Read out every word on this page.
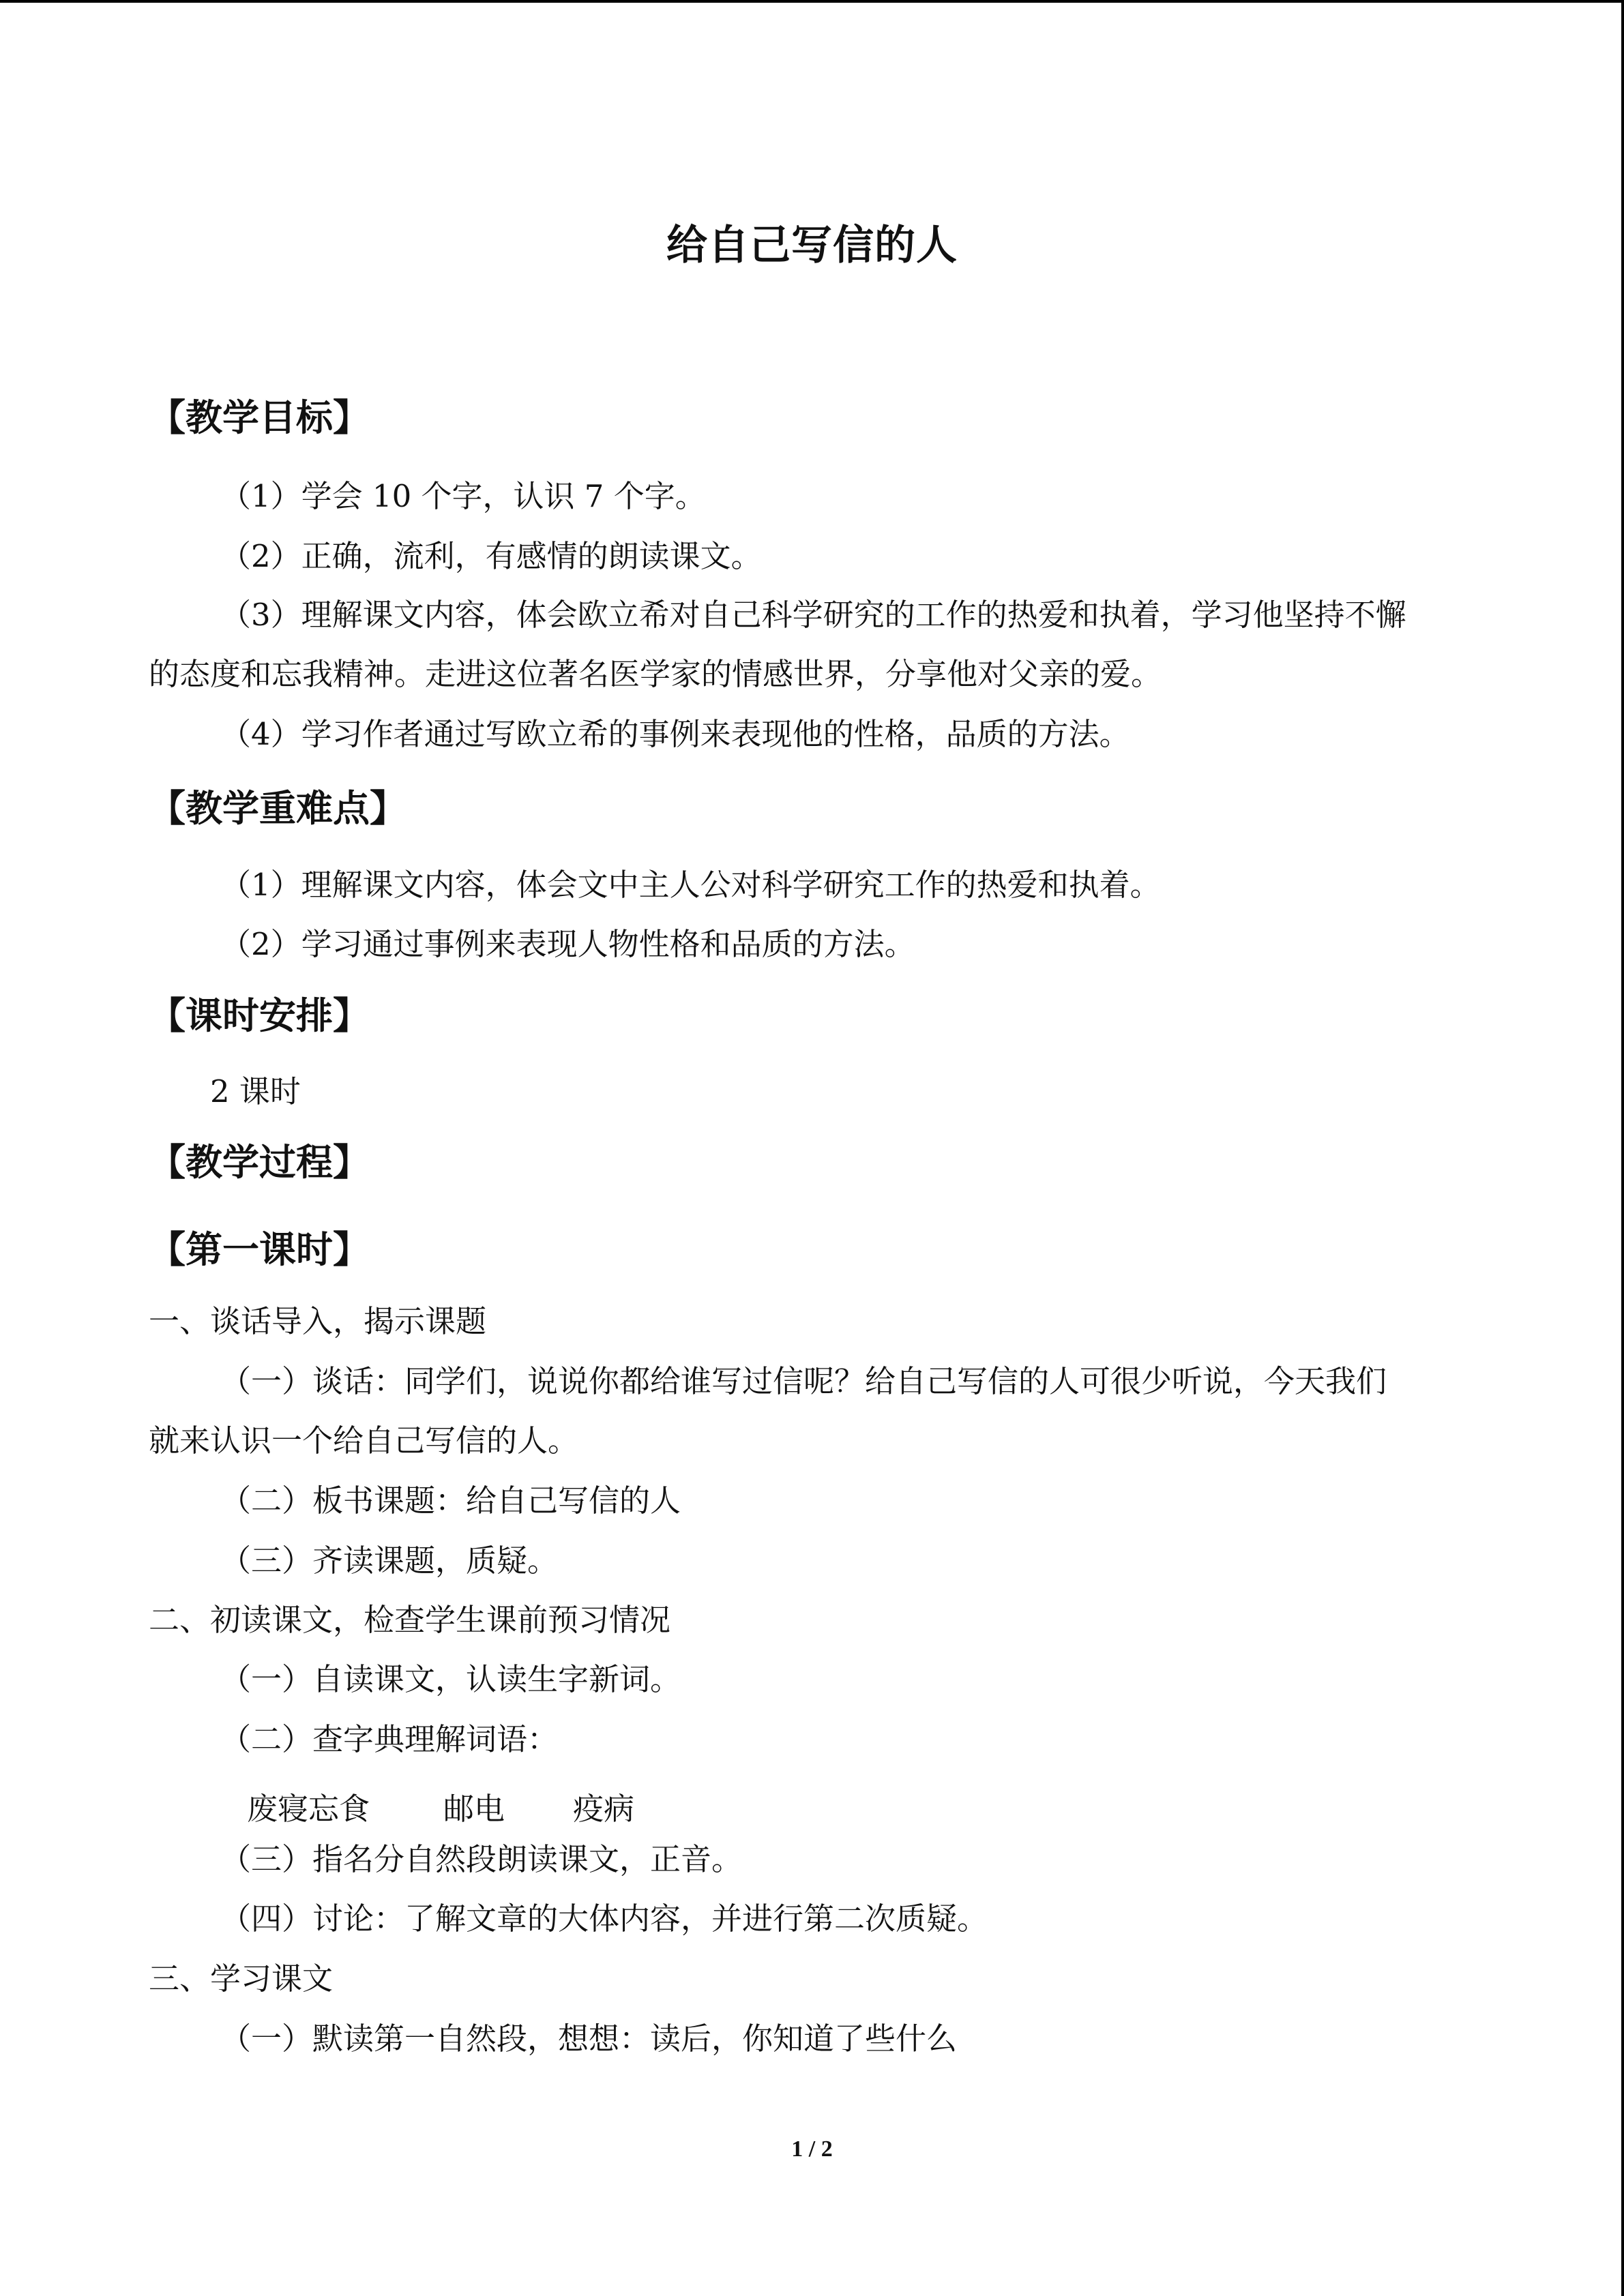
给自己写信的人
【教学目标】
（1）学会 10 个字，认识 7 个字。
（2）正确，流利，有感情的朗读课文。
（3）理解课文内容，体会欧立希对自己科学研究的工作的热爱和执着，学习他坚持不懈
的态度和忘我精神。走进这位著名医学家的情感世界，分享他对父亲的爱。
（4）学习作者通过写欧立希的事例来表现他的性格，品质的方法。
【教学重难点】
（1）理解课文内容，体会文中主人公对科学研究工作的热爱和执着。
（2）学习通过事例来表现人物性格和品质的方法。
【课时安排】
2 课时
【教学过程】
【第一课时】
一、谈话导入，揭示课题
（一）谈话：同学们，说说你都给谁写过信呢？给自己写信的人可很少听说，今天我们
就来认识一个给自己写信的人。
（二）板书课题：给自己写信的人
（三）齐读课题，质疑。
二、初读课文，检查学生课前预习情况
（一）自读课文，认读生字新词。
（二）查字典理解词语：
废寝忘食 邮电 疫病
（三）指名分自然段朗读课文，正音。
（四）讨论：了解文章的大体内容，并进行第二次质疑。
三、学习课文
（一）默读第一自然段，想想：读后，你知道了些什么
1 / 2
